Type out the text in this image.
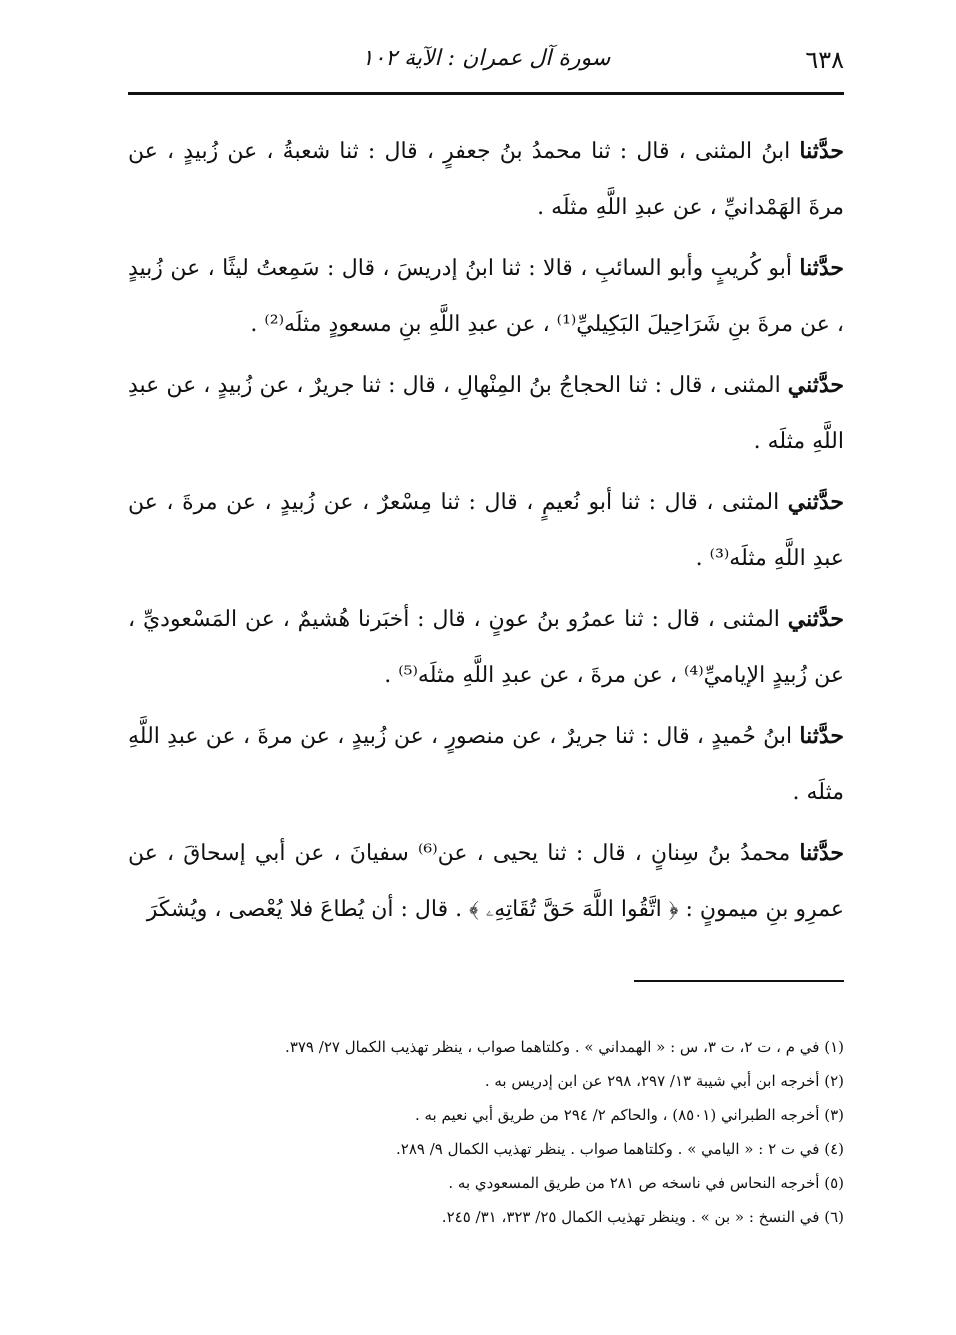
٦٣٨
سورة آل عمران : الآية ١٠٢

حدَّثنا ابنُ المثنى ، قال : ثنا محمدُ بنُ جعفرٍ ، قال : ثنا شعبةُ ، عن زُبيدٍ ، عن مرةَ الهَمْدانيِّ ، عن عبدِ اللَّهِ مثلَه .

حدَّثنا أبو كُريبٍ وأبو السائبِ ، قالا : ثنا ابنُ إدريسَ ، قال : سَمِعتُ ليثًا ، عن زُبيدٍ ، عن مرةَ بنِ شَرَاحِيلَ البَكِيليِّ⁽¹⁾ ، عن عبدِ اللَّهِ بنِ مسعودٍ مثلَه⁽²⁾ .

حدَّثني المثنى ، قال : ثنا الحجاجُ بنُ المِنْهالِ ، قال : ثنا جريرٌ ، عن زُبيدٍ ، عن عبدِ اللَّهِ مثلَه .

حدَّثني المثنى ، قال : ثنا أبو نُعيمٍ ، قال : ثنا مِسْعرٌ ، عن زُبيدٍ ، عن مرةَ ، عن عبدِ اللَّهِ مثلَه⁽³⁾ .

حدَّثني المثنى ، قال : ثنا عمرُو بنُ عونٍ ، قال : أخبَرنا هُشيمٌ ، عن المَسْعوديِّ ، عن زُبيدٍ الإياميِّ⁽⁴⁾ ، عن مرةَ ، عن عبدِ اللَّهِ مثلَه⁽⁵⁾ .

حدَّثنا ابنُ حُميدٍ ، قال : ثنا جريرٌ ، عن منصورٍ ، عن زُبيدٍ ، عن مرةَ ، عن عبدِ اللَّهِ مثلَه .

حدَّثنا محمدُ بنُ سِنانٍ ، قال : ثنا يحيى ، عن⁽⁶⁾ سفيانَ ، عن أبي إسحاقَ ، عن عمرِو بنِ ميمونٍ : ﴿ اتَّقُوا اللَّهَ حَقَّ تُقَاتِهِۦ ﴾ . قال : أن يُطاعَ فلا يُعْصى ، ويُشكَرَ

(١) في م ، ت ٢، ت ٣، س : « الهمداني » . وكلتاهما صواب ، ينظر تهذيب الكمال ٢٧/ ٣٧٩.

(٢) أخرجه ابن أبي شيبة ١٣/ ٢٩٧، ٢٩٨ عن ابن إدريس به .

(٣) أخرجه الطبراني (٨٥٠١) ، والحاكم ٢/ ٢٩٤ من طريق أبي نعيم به .

(٤) في ت ٢ : « اليامي » . وكلتاهما صواب . ينظر تهذيب الكمال ٩/ ٢٨٩.

(٥) أخرجه النحاس في ناسخه ص ٢٨١ من طريق المسعودي به .

(٦) في النسخ : « بن » . وينظر تهذيب الكمال ٢٥/ ٣٢٣، ٣١/ ٢٤٥.
